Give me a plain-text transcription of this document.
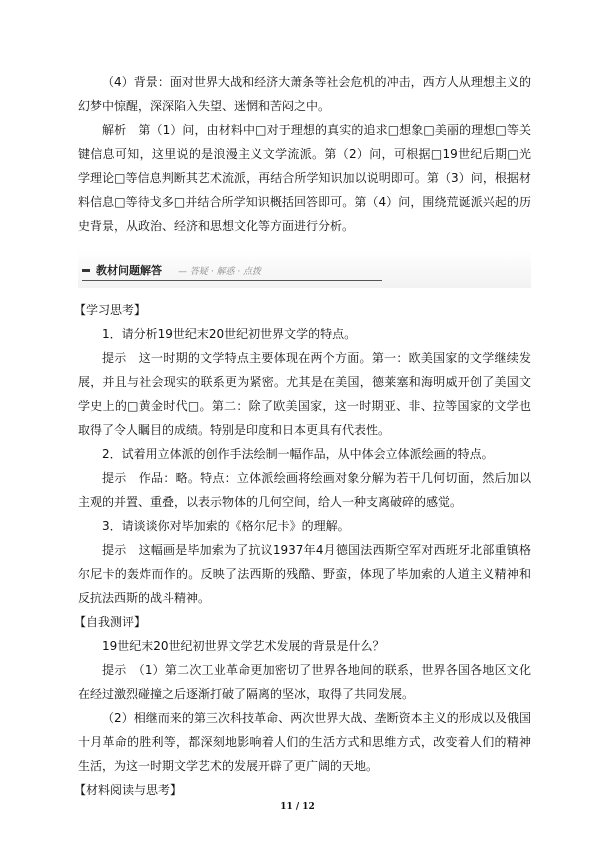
（4）背景：面对世界大战和经济大萧条等社会危机的冲击，西方人从理想主义的幻梦中惊醒，深深陷入失望、迷惘和苦闷之中。

解析　第（1）问，由材料中□对于理想的真实的追求□想象□美丽的理想□等关键信息可知，这里说的是浪漫主义文学流派。第（2）问，可根据□19世纪后期□光学理论□等信息判断其艺术流派，再结合所学知识加以说明即可。第（3）问，根据材料信息□等待戈多□并结合所学知识概括回答即可。第（4）问，围绕荒诞派兴起的历史背景，从政治、经济和思想文化等方面进行分析。

教材问题解答 — 答疑 · 解惑 · 点拨

【学习思考】

1．请分析19世纪末20世纪初世界文学的特点。

提示　这一时期的文学特点主要体现在两个方面。第一：欧美国家的文学继续发展，并且与社会现实的联系更为紧密。尤其是在美国，德莱塞和海明威开创了美国文学史上的□黄金时代□。第二：除了欧美国家，这一时期亚、非、拉等国家的文学也取得了令人瞩目的成绩。特别是印度和日本更具有代表性。

2．试着用立体派的创作手法绘制一幅作品，从中体会立体派绘画的特点。

提示　作品：略。特点：立体派绘画将绘画对象分解为若干几何切面，然后加以主观的并置、重叠，以表示物体的几何空间，给人一种支离破碎的感觉。

3．请谈谈你对毕加索的《格尔尼卡》的理解。

提示　这幅画是毕加索为了抗议1937年4月德国法西斯空军对西班牙北部重镇格尔尼卡的轰炸而作的。反映了法西斯的残酷、野蛮，体现了毕加索的人道主义精神和反抗法西斯的战斗精神。

【自我测评】

19世纪末20世纪初世界文学艺术发展的背景是什么？

提示　（1）第二次工业革命更加密切了世界各地间的联系，世界各国各地区文化在经过激烈碰撞之后逐渐打破了隔离的坚冰，取得了共同发展。

（2）相继而来的第三次科技革命、两次世界大战、垄断资本主义的形成以及俄国十月革命的胜利等，都深刻地影响着人们的生活方式和思维方式，改变着人们的精神生活，为这一时期文学艺术的发展开辟了更广阔的天地。

【材料阅读与思考】

11 / 12
